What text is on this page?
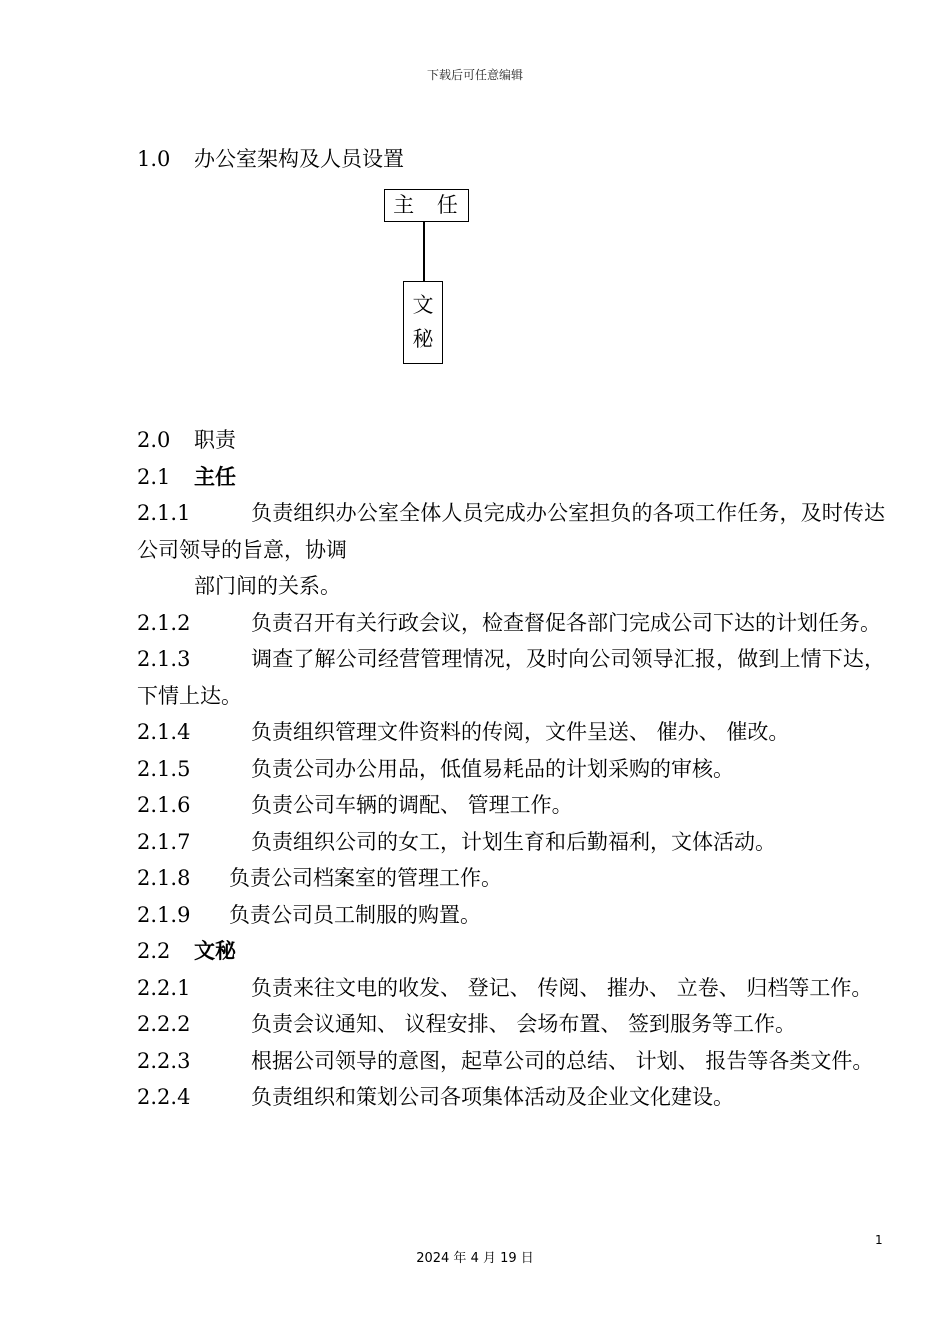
下载后可任意编辑
1.0 办公室架构及人员设置
主 任
文
秘
2.0 职责
2.1 主任
2.1.1	负责组织办公室全体人员完成办公室担负的各项工作任务，及时传达公司领导的旨意，协调
部门间的关系。
2.1.2	负责召开有关行政会议，检查督促各部门完成公司下达的计划任务。
2.1.3	调查了解公司经营管理情况，及时向公司领导汇报，做到上情下达，下情上达。
2.1.4	负责组织管理文件资料的传阅，文件呈送、 催办、 催改。
2.1.5	负责公司办公用品，低值易耗品的计划采购的审核。
2.1.6	负责公司车辆的调配、 管理工作。
2.1.7	负责组织公司的女工，计划生育和后勤福利，文体活动。
2.1.8 负责公司档案室的管理工作。
2.1.9 负责公司员工制服的购置。
2.2 文秘
2.2.1	负责来往文电的收发、 登记、 传阅、 摧办、 立卷、 归档等工作。
2.2.2	负责会议通知、 议程安排、 会场布置、 签到服务等工作。
2.2.3	根据公司领导的意图，起草公司的总结、 计划、 报告等各类文件。
2.2.4	负责组织和策划公司各项集体活动及企业文化建设。
1
2024 年 4 月 19 日
